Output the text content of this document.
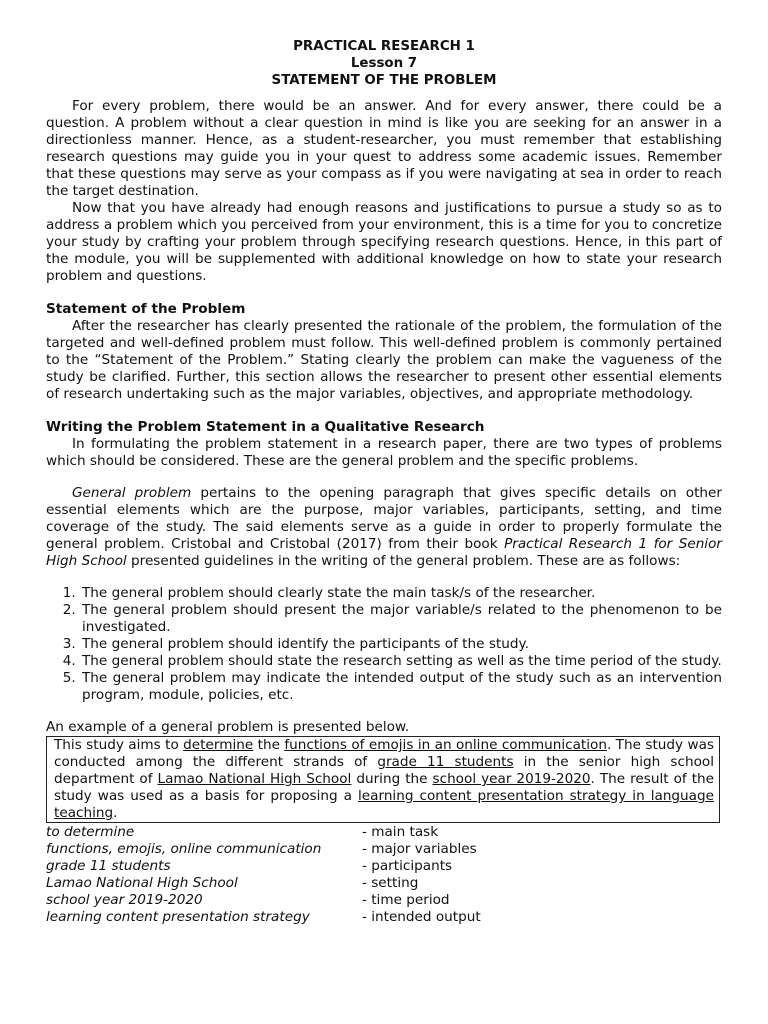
PRACTICAL RESEARCH 1
Lesson 7
STATEMENT OF THE PROBLEM

For every problem, there would be an answer. And for every answer, there could be a question. A problem without a clear question in mind is like you are seeking for an answer in a directionless manner. Hence, as a student-researcher, you must remember that establishing research questions may guide you in your quest to address some academic issues. Remember that these questions may serve as your compass as if you were navigating at sea in order to reach the target destination.

Now that you have already had enough reasons and justifications to pursue a study so as to address a problem which you perceived from your environment, this is a time for you to concretize your study by crafting your problem through specifying research questions. Hence, in this part of the module, you will be supplemented with additional knowledge on how to state your research problem and questions.

Statement of the Problem

After the researcher has clearly presented the rationale of the problem, the formulation of the targeted and well-defined problem must follow. This well-defined problem is commonly pertained to the “Statement of the Problem.” Stating clearly the problem can make the vagueness of the study be clarified. Further, this section allows the researcher to present other essential elements of research undertaking such as the major variables, objectives, and appropriate methodology.

Writing the Problem Statement in a Qualitative Research

In formulating the problem statement in a research paper, there are two types of problems which should be considered. These are the general problem and the specific problems.

General problem pertains to the opening paragraph that gives specific details on other essential elements which are the purpose, major variables, participants, setting, and time coverage of the study. The said elements serve as a guide in order to properly formulate the general problem. Cristobal and Cristobal (2017) from their book Practical Research 1 for Senior High School presented guidelines in the writing of the general problem. These are as follows:

1. The general problem should clearly state the main task/s of the researcher.
2. The general problem should present the major variable/s related to the phenomenon to be investigated.
3. The general problem should identify the participants of the study.
4. The general problem should state the research setting as well as the time period of the study.
5. The general problem may indicate the intended output of the study such as an intervention program, module, policies, etc.

An example of a general problem is presented below.

This study aims to determine the functions of emojis in an online communication. The study was conducted among the different strands of grade 11 students in the senior high school department of Lamao National High School during the school year 2019-2020. The result of the study was used as a basis for proposing a learning content presentation strategy in language teaching.
to determine	- main task
functions, emojis, online communication	- major variables
grade 11 students	- participants
Lamao National High School	- setting
school year 2019-2020	- time period
learning content presentation strategy	- intended output
